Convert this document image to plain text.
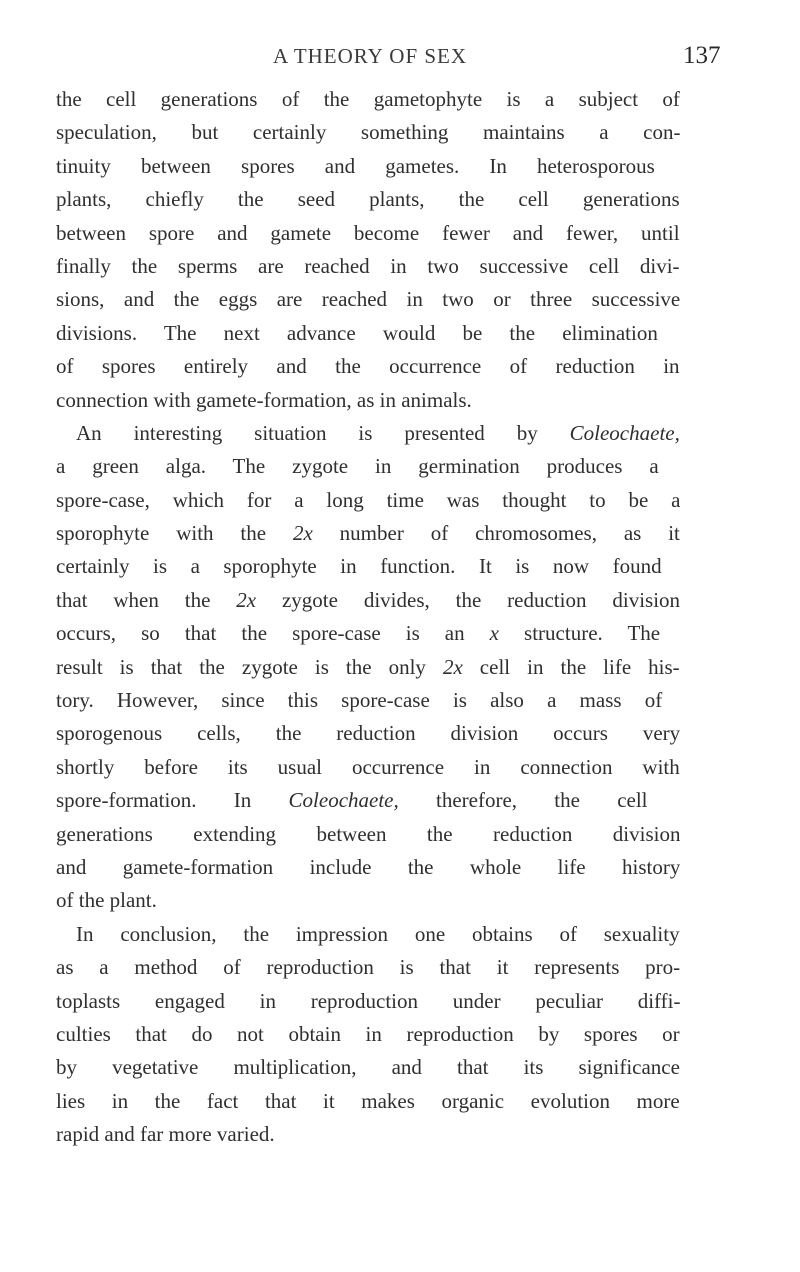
A THEORY OF SEX	137
the cell generations of the gametophyte is a subject of
speculation, but certainly something maintains a con-
tinuity between spores and gametes. In heterosporous
plants, chiefly the seed plants, the cell generations
between spore and gamete become fewer and fewer, until
finally the sperms are reached in two successive cell divi-
sions, and the eggs are reached in two or three successive
divisions. The next advance would be the elimination
of spores entirely and the occurrence of reduction in
connection with gamete-formation, as in animals.
An interesting situation is presented by Coleochaete,
a green alga. The zygote in germination produces a
spore-case, which for a long time was thought to be a
sporophyte with the 2x number of chromosomes, as it
certainly is a sporophyte in function. It is now found
that when the 2x zygote divides, the reduction division
occurs, so that the spore-case is an x structure. The
result is that the zygote is the only 2x cell in the life his-
tory. However, since this spore-case is also a mass of
sporogenous cells, the reduction division occurs very
shortly before its usual occurrence in connection with
spore-formation. In Coleochaete, therefore, the cell
generations extending between the reduction division
and gamete-formation include the whole life history
of the plant.
In conclusion, the impression one obtains of sexuality
as a method of reproduction is that it represents pro-
toplasts engaged in reproduction under peculiar diffi-
culties that do not obtain in reproduction by spores or
by vegetative multiplication, and that its significance
lies in the fact that it makes organic evolution more
rapid and far more varied.
